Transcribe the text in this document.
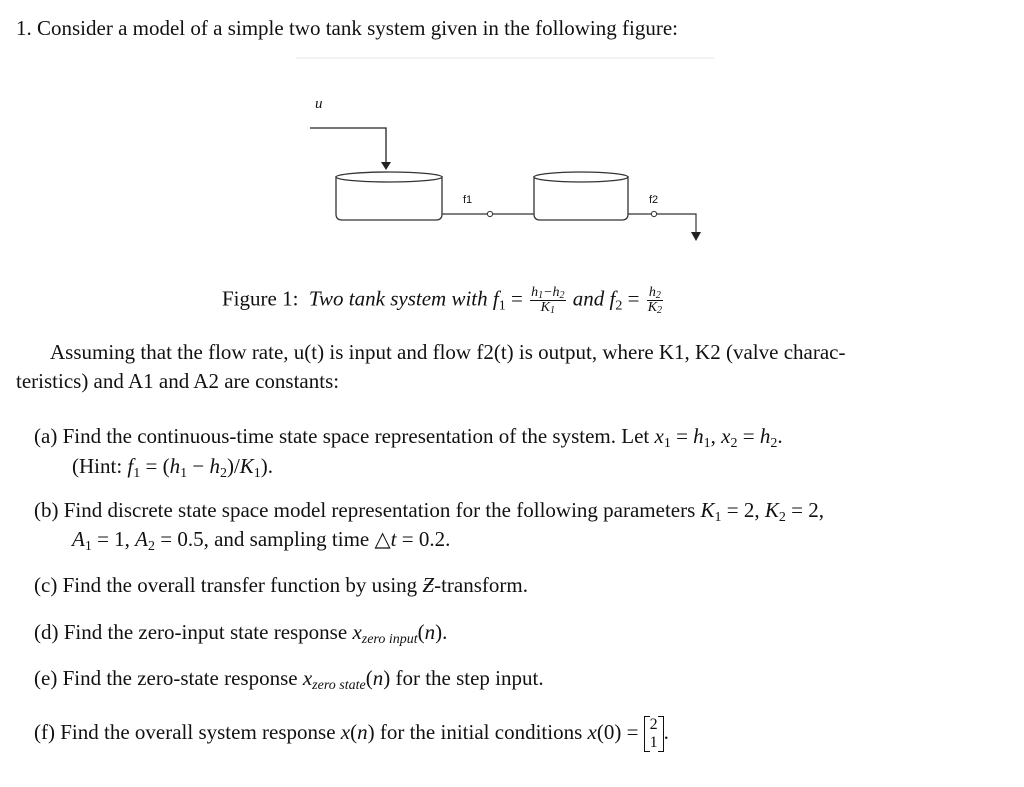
1. Consider a model of a simple two tank system given in the following figure:
u
f1	f2
Figure 1: Two tank system with $f_1 = \frac{h_1-h_2}{K_1}$ and $f_2 = \frac{h_2}{K_2}$
Assuming that the flow rate, u(t) is input and flow f2(t) is output, where K1, K2 (valve charac-
teristics) and A1 and A2 are constants:
(a) Find the continuous-time state space representation of the system. Let $x_1 = h_1$, $x_2 = h_2$.
(Hint: $f_1 = (h_1 - h_2)/K_1$).
(b) Find discrete state space model representation for the following parameters $K_1 = 2$, $K_2 = 2$,
$A_1 = 1$, $A_2 = 0.5$, and sampling time △t = 0.2.
(c) Find the overall transfer function by using Ƶ-transform.
(d) Find the zero-input state response $x_{zero input}(n)$.
(e) Find the zero-state response $x_{zero state}(n)$ for the step input.
(f) Find the overall system response x(n) for the initial conditions x(0) = 2
1 .
